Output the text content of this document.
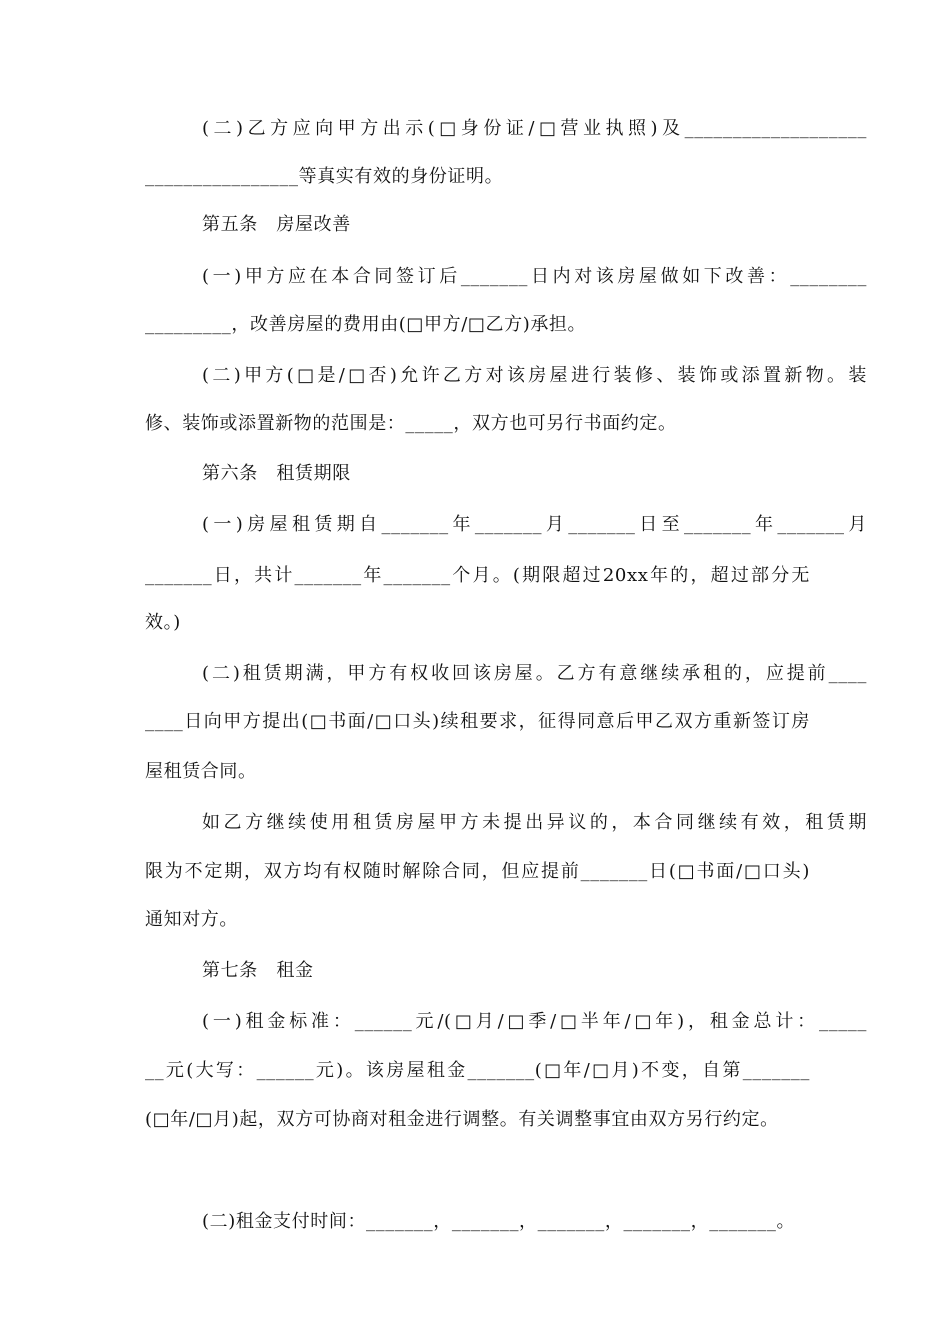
(二)乙方应向甲方出示(□身份证/□营业执照)及___________________
________________等真实有效的身份证明。
第五条　房屋改善
(一)甲方应在本合同签订后_______日内对该房屋做如下改善：________
_________，改善房屋的费用由(□甲方/□乙方)承担。
(二)甲方(□是/□否)允许乙方对该房屋进行装修、装饰或添置新物。装
修、装饰或添置新物的范围是：_____，双方也可另行书面约定。
第六条　租赁期限
(一)房屋租赁期自_______年_______月_______日至_______年_______月
_______日，共计_______年_______个月。(期限超过20xx年的，超过部分无
效。)
(二)租赁期满，甲方有权收回该房屋。乙方有意继续承租的，应提前____
____日向甲方提出(□书面/□口头)续租要求，征得同意后甲乙双方重新签订房
屋租赁合同。
如乙方继续使用租赁房屋甲方未提出异议的，本合同继续有效，租赁期
限为不定期，双方均有权随时解除合同，但应提前_______日(□书面/□口头)
通知对方。
第七条　租金
(一)租金标准：______元/(□月/□季/□半年/□年)，租金总计：_____
__元(大写：______元)。该房屋租金_______(□年/□月)不变，自第_______
(□年/□月)起，双方可协商对租金进行调整。有关调整事宜由双方另行约定。
(二)租金支付时间：_______，_______，_______，_______，_______。
